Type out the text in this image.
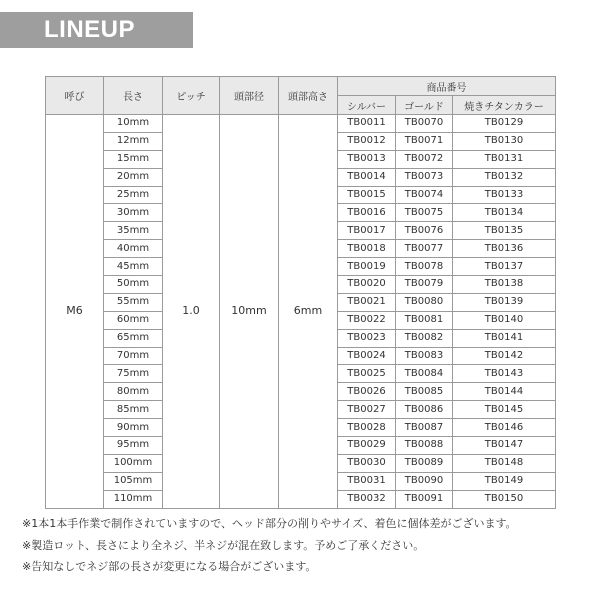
LINEUP
呼び	長さ	ピッチ	頭部径	頭部高さ	商品番号		
					シルバー	ゴールド	焼きチタンカラー
M6	10mm	1.0	10mm	6mm	TB0011	TB0070	TB0129
	12mm				TB0012	TB0071	TB0130
	15mm				TB0013	TB0072	TB0131
	20mm				TB0014	TB0073	TB0132
	25mm				TB0015	TB0074	TB0133
	30mm				TB0016	TB0075	TB0134
	35mm				TB0017	TB0076	TB0135
	40mm				TB0018	TB0077	TB0136
	45mm				TB0019	TB0078	TB0137
	50mm				TB0020	TB0079	TB0138
	55mm				TB0021	TB0080	TB0139
	60mm				TB0022	TB0081	TB0140
	65mm				TB0023	TB0082	TB0141
	70mm				TB0024	TB0083	TB0142
	75mm				TB0025	TB0084	TB0143
	80mm				TB0026	TB0085	TB0144
	85mm				TB0027	TB0086	TB0145
	90mm				TB0028	TB0087	TB0146
	95mm				TB0029	TB0088	TB0147
	100mm				TB0030	TB0089	TB0148
	105mm				TB0031	TB0090	TB0149
	110mm				TB0032	TB0091	TB0150
※1本1本手作業で制作されていますので、ヘッド部分の削りやサイズ、着色に個体差がございます。
※製造ロット、長さにより全ネジ、半ネジが混在致します。予めご了承ください。
※告知なしでネジ部の長さが変更になる場合がございます。
